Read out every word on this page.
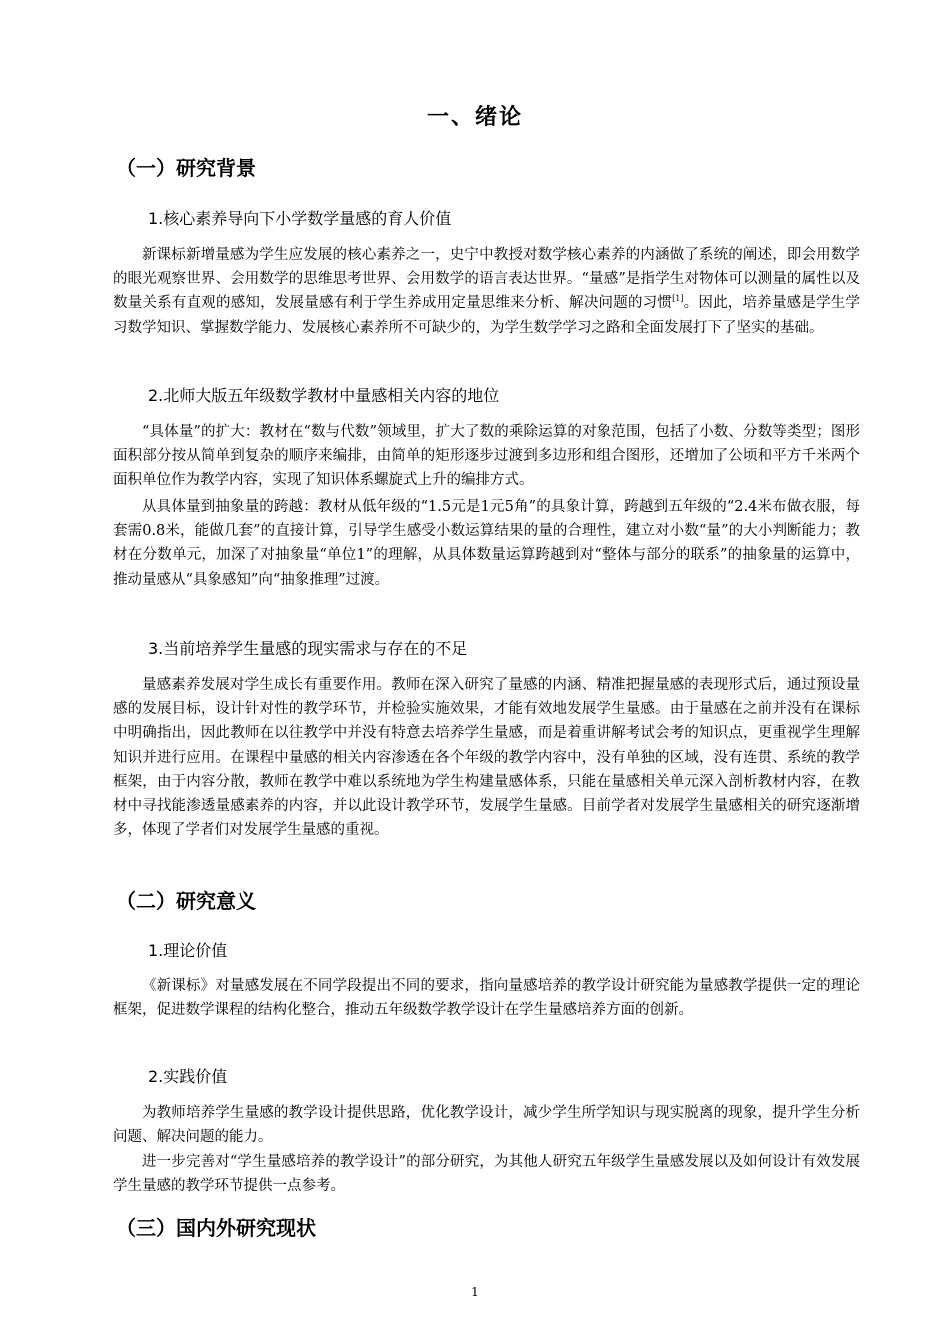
一、绪论
（一）研究背景
1.核心素养导向下小学数学量感的育人价值

新课标新增量感为学生应发展的核心素养之一，史宁中教授对数学核心素养的内涵做了系统的阐述，即会用数学的眼光观察世界、会用数学的思维思考世界、会用数学的语言表达世界。“量感”是指学生对物体可以测量的属性以及数量关系有直观的感知，发展量感有利于学生养成用定量思维来分析、解决问题的习惯[1]。因此，培养量感是学生学习数学知识、掌握数学能力、发展核心素养所不可缺少的，为学生数学学习之路和全面发展打下了坚实的基础。

2.北师大版五年级数学教材中量感相关内容的地位

“具体量”的扩大：教材在“数与代数”领域里，扩大了数的乘除运算的对象范围，包括了小数、分数等类型；图形面积部分按从简单到复杂的顺序来编排，由简单的矩形逐步过渡到多边形和组合图形，还增加了公顷和平方千米两个面积单位作为教学内容，实现了知识体系螺旋式上升的编排方式。

从具体量到抽象量的跨越：教材从低年级的“1.5元是1元5角”的具象计算，跨越到五年级的“2.4米布做衣服，每套需0.8米，能做几套”的直接计算，引导学生感受小数运算结果的量的合理性，建立对小数“量”的大小判断能力；教材在分数单元，加深了对抽象量“单位1”的理解，从具体数量运算跨越到对“整体与部分的联系”的抽象量的运算中，推动量感从“具象感知”向“抽象推理”过渡。

3.当前培养学生量感的现实需求与存在的不足

量感素养发展对学生成长有重要作用。教师在深入研究了量感的内涵、精准把握量感的表现形式后，通过预设量感的发展目标，设计针对性的教学环节，并检验实施效果，才能有效地发展学生量感。由于量感在之前并没有在课标中明确指出，因此教师在以往教学中并没有特意去培养学生量感，而是着重讲解考试会考的知识点，更重视学生理解知识并进行应用。在课程中量感的相关内容渗透在各个年级的教学内容中，没有单独的区域，没有连贯、系统的教学框架，由于内容分散，教师在教学中难以系统地为学生构建量感体系，只能在量感相关单元深入剖析教材内容，在教材中寻找能渗透量感素养的内容，并以此设计教学环节，发展学生量感。目前学者对发展学生量感相关的研究逐渐增多，体现了学者们对发展学生量感的重视。

（二）研究意义
1.理论价值

《新课标》对量感发展在不同学段提出不同的要求，指向量感培养的教学设计研究能为量感教学提供一定的理论框架，促进数学课程的结构化整合，推动五年级数学教学设计在学生量感培养方面的创新。

2.实践价值

为教师培养学生量感的教学设计提供思路，优化教学设计，减少学生所学知识与现实脱离的现象，提升学生分析问题、解决问题的能力。

进一步完善对“学生量感培养的教学设计”的部分研究，为其他人研究五年级学生量感发展以及如何设计有效发展学生量感的教学环节提供一点参考。

（三）国内外研究现状
1
